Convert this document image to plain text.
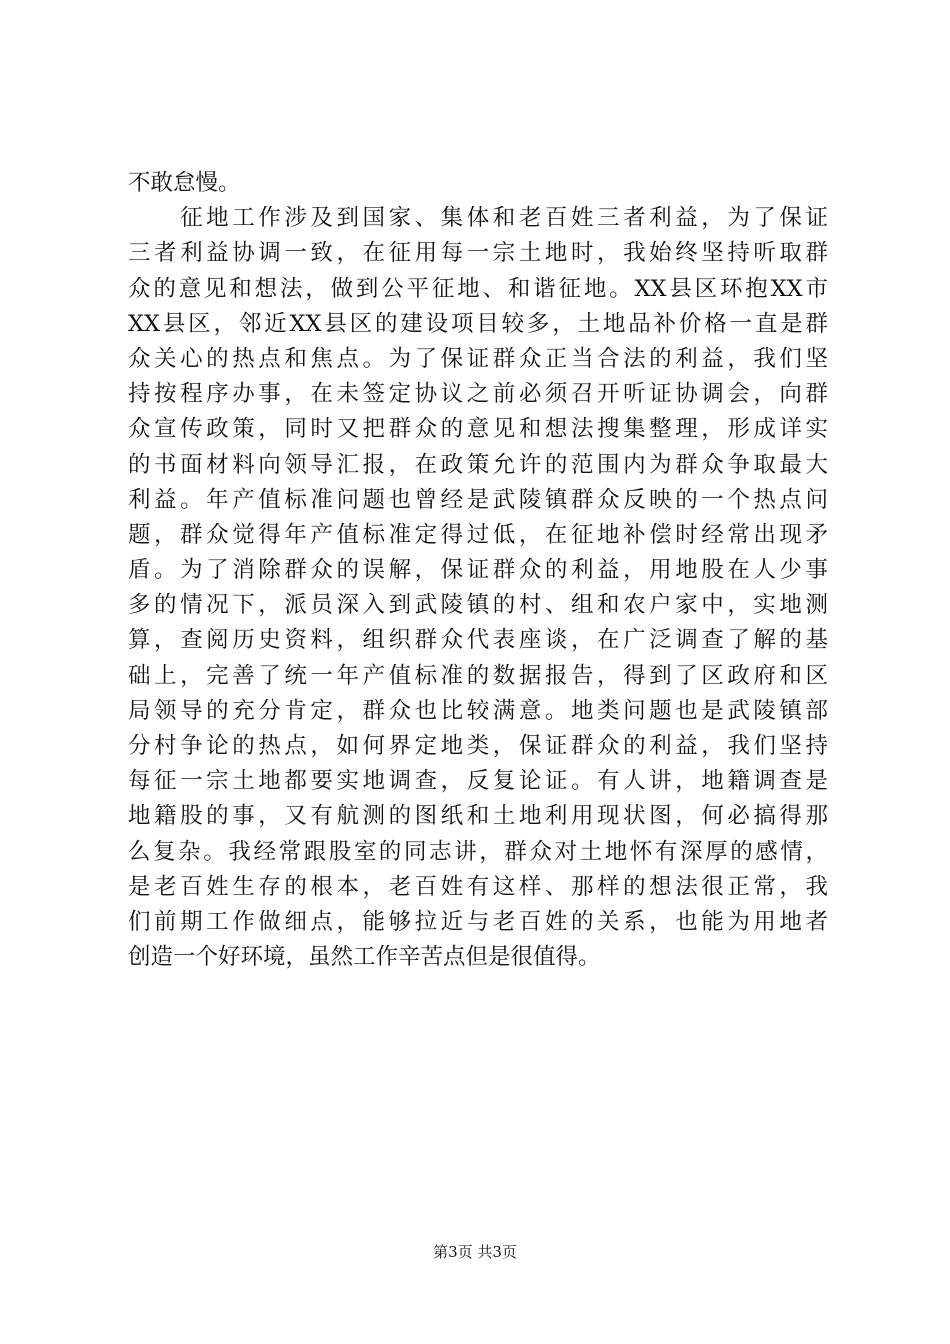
不敢怠慢。
　　征地工作涉及到国家、集体和老百姓三者利益，为了保证
三者利益协调一致，在征用每一宗土地时，我始终坚持听取群
众的意见和想法，做到公平征地、和谐征地。XX县区环抱XX市
XX县区，邻近XX县区的建设项目较多，土地品补价格一直是群
众关心的热点和焦点。为了保证群众正当合法的利益，我们坚
持按程序办事，在未签定协议之前必须召开听证协调会，向群
众宣传政策，同时又把群众的意见和想法搜集整理，形成详实
的书面材料向领导汇报，在政策允许的范围内为群众争取最大
利益。年产值标准问题也曾经是武陵镇群众反映的一个热点问
题，群众觉得年产值标准定得过低，在征地补偿时经常出现矛
盾。为了消除群众的误解，保证群众的利益，用地股在人少事
多的情况下，派员深入到武陵镇的村、组和农户家中，实地测
算，查阅历史资料，组织群众代表座谈，在广泛调查了解的基
础上，完善了统一年产值标准的数据报告，得到了区政府和区
局领导的充分肯定，群众也比较满意。地类问题也是武陵镇部
分村争论的热点，如何界定地类，保证群众的利益，我们坚持
每征一宗土地都要实地调查，反复论证。有人讲，地籍调查是
地籍股的事，又有航测的图纸和土地利用现状图，何必搞得那
么复杂。我经常跟股室的同志讲，群众对土地怀有深厚的感情，
是老百姓生存的根本，老百姓有这样、那样的想法很正常，我
们前期工作做细点，能够拉近与老百姓的关系，也能为用地者
创造一个好环境，虽然工作辛苦点但是很值得。
第3页 共3页
